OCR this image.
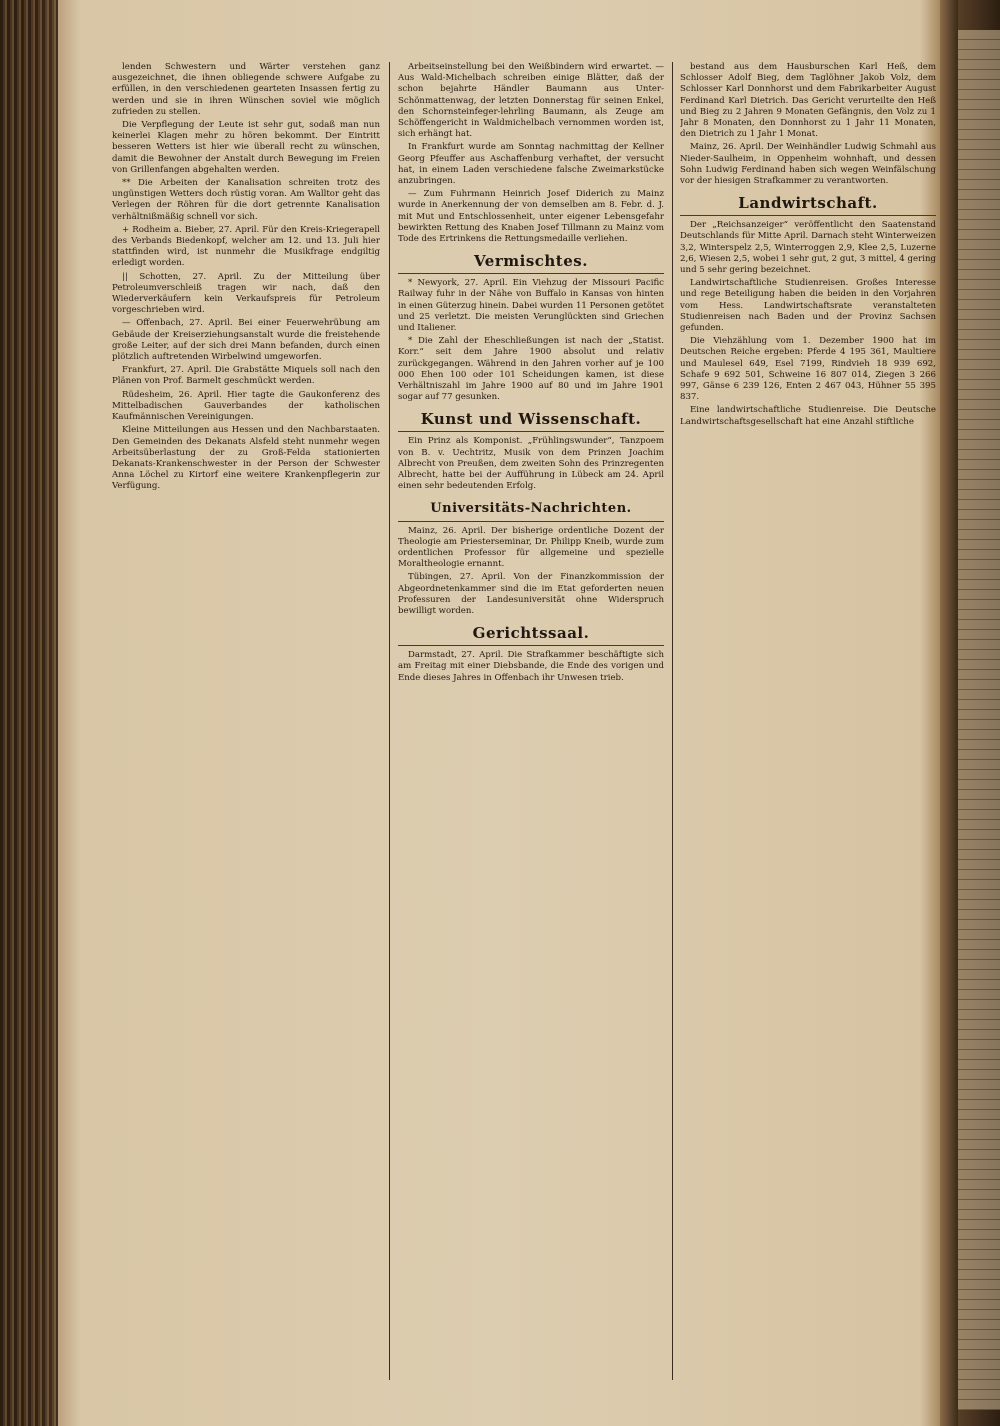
lenden Schwestern und Wärter verstehen ganz ausgezeichnet, die ihnen obliegende schwere Aufgabe zu erfüllen, in den verschiedenen gearteten Insassen fertig zu werden und sie in ihren Wünschen soviel wie möglich zufrieden zu stellen.

Die Verpflegung der Leute ist sehr gut, sodaß man nun keinerlei Klagen mehr zu hören bekommt. Der Eintritt besseren Wetters ist hier wie überall recht zu wünschen, damit die Bewohner der Anstalt durch Bewegung im Freien von Grillenfangen abgehalten werden.

** Die Arbeiten der Kanalisation schreiten trotz des ungünstigen Wetters doch rüstig voran. Am Walltor geht das Verlegen der Röhren für die dort getrennte Kanalisation verhältnißmäßig schnell vor sich.

+ Rodheim a. Bieber, 27. April. Für den Kreis-Kriegerapell des Verbands Biedenkopf, welcher am 12. und 13. Juli hier stattfinden wird, ist nunmehr die Musikfrage endgiltig erledigt worden.

|| Schotten, 27. April. Zu der Mitteilung über Petroleumverschleiß tragen wir nach, daß den Wiederverkäufern kein Verkaufspreis für Petroleum vorgeschrieben wird.

— Offenbach, 27. April. Bei einer Feuerwehrübung am Gebäude der Kreiserziehungsanstalt wurde die freistehende große Leiter, auf der sich drei Mann befanden, durch einen plötzlich auftretenden Wirbelwind umgeworfen.

Frankfurt, 27. April. Die Grabstätte Miquels soll nach den Plänen von Prof. Barmelt geschmückt werden.

Rüdesheim, 26. April. Hier tagte die Gaukonferenz des Mittelbadischen Gauverbandes der katholischen Kaufmännischen Vereinigungen.

Kleine Mitteilungen aus Hessen und den Nachbarstaaten. Den Gemeinden des Dekanats Alsfeld steht nunmehr wegen Arbeitsüberlastung der zu Groß-Felda stationierten Dekanats-Krankenschwester in der Person der Schwester Anna Löchel zu Kirtorf eine weitere Krankenpflegerin zur Verfügung.

Arbeitseinstellung bei den Weißbindern wird erwartet. — Aus Wald-Michelbach schreiben einige Blätter, daß der schon bejahrte Händler Baumann aus Unter-Schönmattenwag, der letzten Donnerstag für seinen Enkel, den Schornsteinfeger-lehrling Baumann, als Zeuge am Schöffengericht in Waldmichelbach vernommen worden ist, sich erhängt hat.

In Frankfurt wurde am Sonntag nachmittag der Kellner Georg Pfeuffer aus Aschaffenburg verhaftet, der versucht hat, in einem Laden verschiedene falsche Zweimarkstücke anzubringen.

— Zum Fuhrmann Heinrich Josef Diderich zu Mainz wurde in Anerkennung der von demselben am 8. Febr. d. J. mit Mut und Entschlossenheit, unter eigener Lebensgefahr bewirkten Rettung des Knaben Josef Tillmann zu Mainz vom Tode des Ertrinkens die Rettungsmedaille verliehen.

Vermischtes.

* Newyork, 27. April. Ein Viehzug der Missouri Pacific Railway fuhr in der Nähe von Buffalo in Kansas von hinten in einen Güterzug hinein. Dabei wurden 11 Personen getötet und 25 verletzt. Die meisten Verunglückten sind Griechen und Italiener.

* Die Zahl der Eheschließungen ist nach der „Statist. Korr.“ seit dem Jahre 1900 absolut und relativ zurückgegangen. Während in den Jahren vorher auf je 100 000 Ehen 100 oder 101 Scheidungen kamen, ist diese Verhältniszahl im Jahre 1900 auf 80 und im Jahre 1901 sogar auf 77 gesunken.

Kunst und Wissenschaft.

Ein Prinz als Komponist. „Frühlingswunder“, Tanzpoem von B. v. Uechtritz, Musik von dem Prinzen Joachim Albrecht von Preußen, dem zweiten Sohn des Prinzregenten Albrecht, hatte bei der Aufführung in Lübeck am 24. April einen sehr bedeutenden Erfolg.

Universitäts-Nachrichten.

Mainz, 26. April. Der bisherige ordentliche Dozent der Theologie am Priesterseminar, Dr. Philipp Kneib, wurde zum ordentlichen Professor für allgemeine und spezielle Moraltheologie ernannt.

Tübingen, 27. April. Von der Finanzkommission der Abgeordnetenkammer sind die im Etat geforderten neuen Professuren der Landesuniversität ohne Widerspruch bewilligt worden.

Gerichtssaal.

Darmstadt, 27. April. Die Strafkammer beschäftigte sich am Freitag mit einer Diebsbande, die Ende des vorigen und Ende dieses Jahres in Offenbach ihr Unwesen trieb.

bestand aus dem Hausburschen Karl Heß, dem Schlosser Adolf Bieg, dem Taglöhner Jakob Volz, dem Schlosser Karl Donnhorst und dem Fabrikarbeiter August Ferdinand Karl Dietrich. Das Gericht verurteilte den Heß und Bieg zu 2 Jahren 9 Monaten Gefängnis, den Volz zu 1 Jahr 8 Monaten, den Donnhorst zu 1 Jahr 11 Monaten, den Dietrich zu 1 Jahr 1 Monat.

Mainz, 26. April. Der Weinhändler Ludwig Schmahl aus Nieder-Saulheim, in Oppenheim wohnhaft, und dessen Sohn Ludwig Ferdinand haben sich wegen Weinfälschung vor der hiesigen Strafkammer zu verantworten.

Landwirtschaft.

Der „Reichsanzeiger“ veröffentlicht den Saatenstand Deutschlands für Mitte April. Darnach steht Winterweizen 3,2, Winterspelz 2,5, Winterroggen 2,9, Klee 2,5, Luzerne 2,6, Wiesen 2,5, wobei 1 sehr gut, 2 gut, 3 mittel, 4 gering und 5 sehr gering bezeichnet.

Landwirtschaftliche Studienreisen. Großes Interesse und rege Beteiligung haben die beiden in den Vorjahren vom Hess. Landwirtschaftsrate veranstalteten Studienreisen nach Baden und der Provinz Sachsen gefunden.

Die Viehzählung vom 1. Dezember 1900 hat im Deutschen Reiche ergeben: Pferde 4 195 361, Maultiere und Maulesel 649, Esel 7199, Rindvieh 18 939 692, Schafe 9 692 501, Schweine 16 807 014, Ziegen 3 266 997, Gänse 6 239 126, Enten 2 467 043, Hühner 55 395 837.

Eine landwirtschaftliche Studienreise. Die Deutsche Landwirtschaftsgesellschaft hat eine Anzahl stiftliche
